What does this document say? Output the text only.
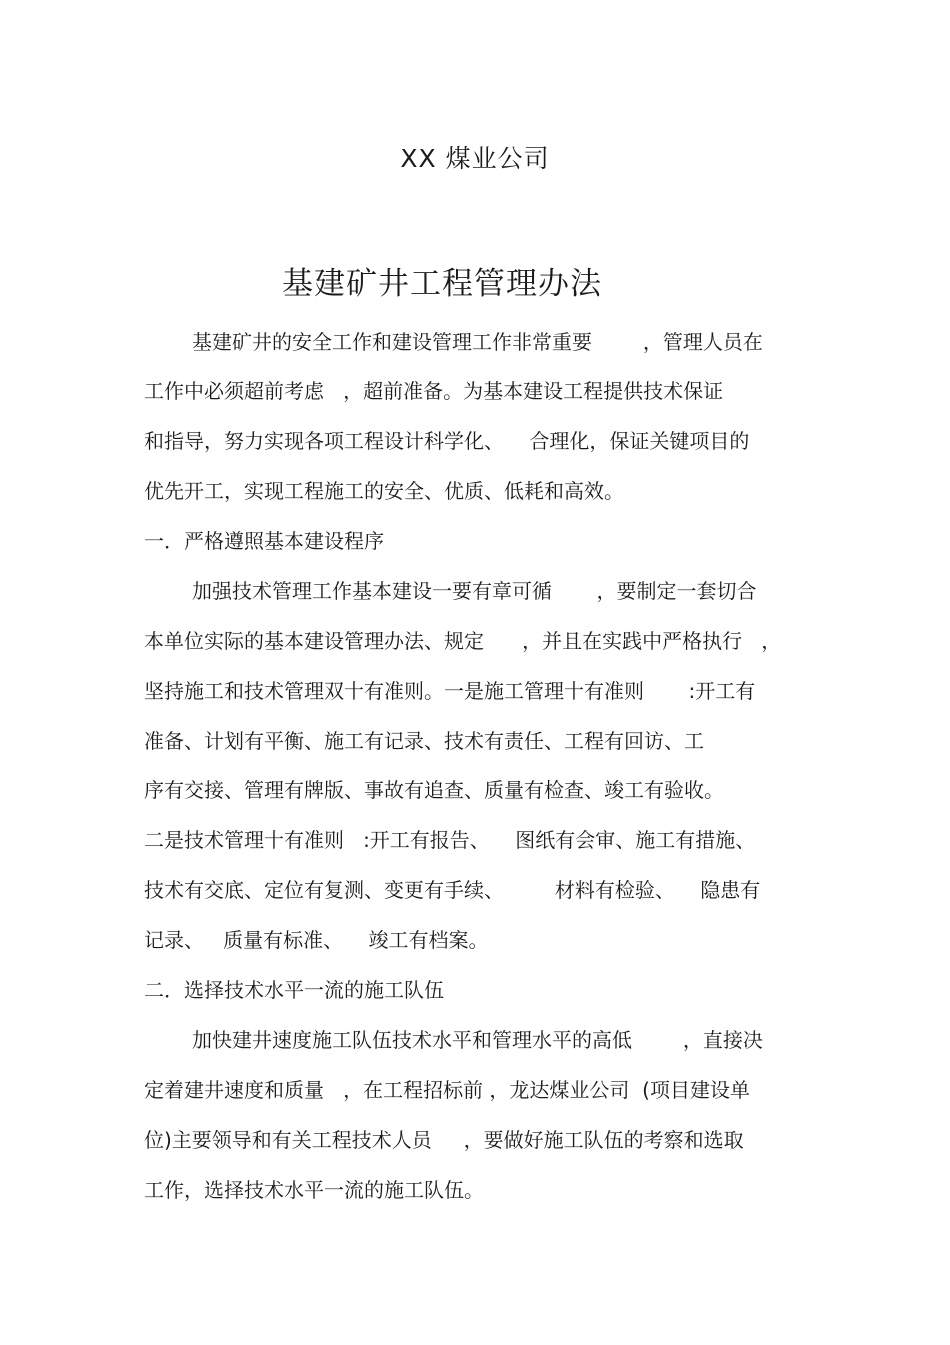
XX 煤业公司
基建矿井工程管理办法

基建矿井的安全工作和建设管理工作非常重要        ，管理人员在

工作中必须超前考虑   ，超前准备。为基本建设工程提供技术保证

和指导，努力实现各项工程设计科学化、    合理化，保证关键项目的

优先开工，实现工程施工的安全、优质、低耗和高效。

一．严格遵照基本建设程序

加强技术管理工作基本建设一要有章可循       ，要制定一套切合

本单位实际的基本建设管理办法、规定      ，并且在实践中严格执行   ，

坚持施工和技术管理双十有准则。一是施工管理十有准则       :开工有

准备、计划有平衡、施工有记录、技术有责任、工程有回访、工

序有交接、管理有牌版、事故有追查、质量有检查、竣工有验收。

二是技术管理十有准则   :开工有报告、    图纸有会审、施工有措施、

技术有交底、定位有复测、变更有手续、        材料有检验、    隐患有

记录、   质量有标准、    竣工有档案。

二．选择技术水平一流的施工队伍

加快建井速度施工队伍技术水平和管理水平的高低        ，直接决

定着建井速度和质量   ，在工程招标前 ，龙达煤业公司  (项目建设单

位)主要领导和有关工程技术人员     ，要做好施工队伍的考察和选取

工作，选择技术水平一流的施工队伍。
